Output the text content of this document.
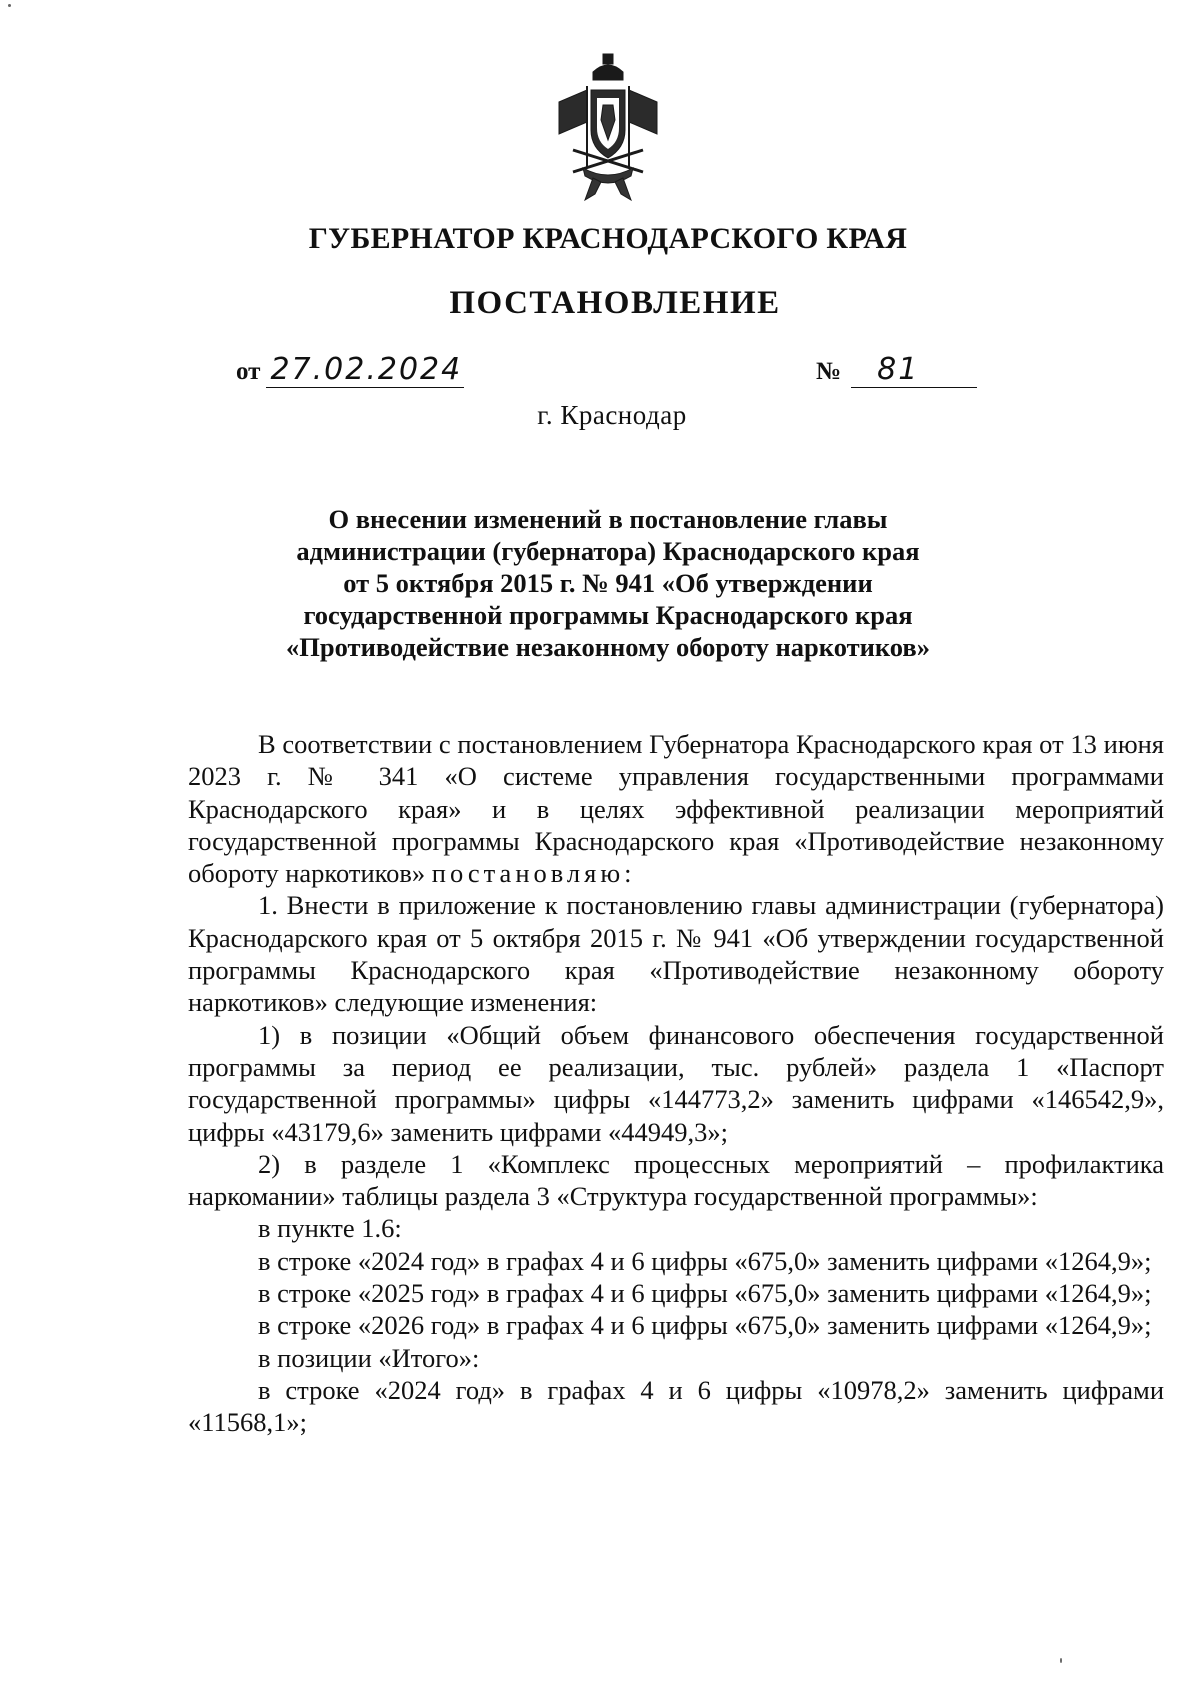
ГУБЕРНАТОР КРАСНОДАРСКОГО КРАЯ
ПОСТАНОВЛЕНИЕ
от 27.02.2024	№ 81
г. Краснодар
О внесении изменений в постановление главы
администрации (губернатора) Краснодарского края
от 5 октября 2015 г. № 941 «Об утверждении
государственной программы Краснодарского края
«Противодействие незаконному обороту наркотиков»

В соответствии с постановлением Губернатора Краснодарского края от 13 июня 2023 г. № 341 «О системе управления государственными программами Краснодарского края» и в целях эффективной реализации мероприятий государственной программы Краснодарского края «Противодействие незаконному обороту наркотиков» постановляю:

1. Внести в приложение к постановлению главы администрации (губернатора) Краснодарского края от 5 октября 2015 г. № 941 «Об утверждении государственной программы Краснодарского края «Противодействие незаконному обороту наркотиков» следующие изменения:

1) в позиции «Общий объем финансового обеспечения государственной программы за период ее реализации, тыс. рублей» раздела 1 «Паспорт государственной программы» цифры «144773,2» заменить цифрами «146542,9», цифры «43179,6» заменить цифрами «44949,3»;

2) в разделе 1 «Комплекс процессных мероприятий – профилактика наркомании» таблицы раздела 3 «Структура государственной программы»:

в пункте 1.6:

в строке «2024 год» в графах 4 и 6 цифры «675,0» заменить цифрами «1264,9»;

в строке «2025 год» в графах 4 и 6 цифры «675,0» заменить цифрами «1264,9»;

в строке «2026 год» в графах 4 и 6 цифры «675,0» заменить цифрами «1264,9»;

в позиции «Итого»:

в строке «2024 год» в графах 4 и 6 цифры «10978,2» заменить цифрами «11568,1»;
